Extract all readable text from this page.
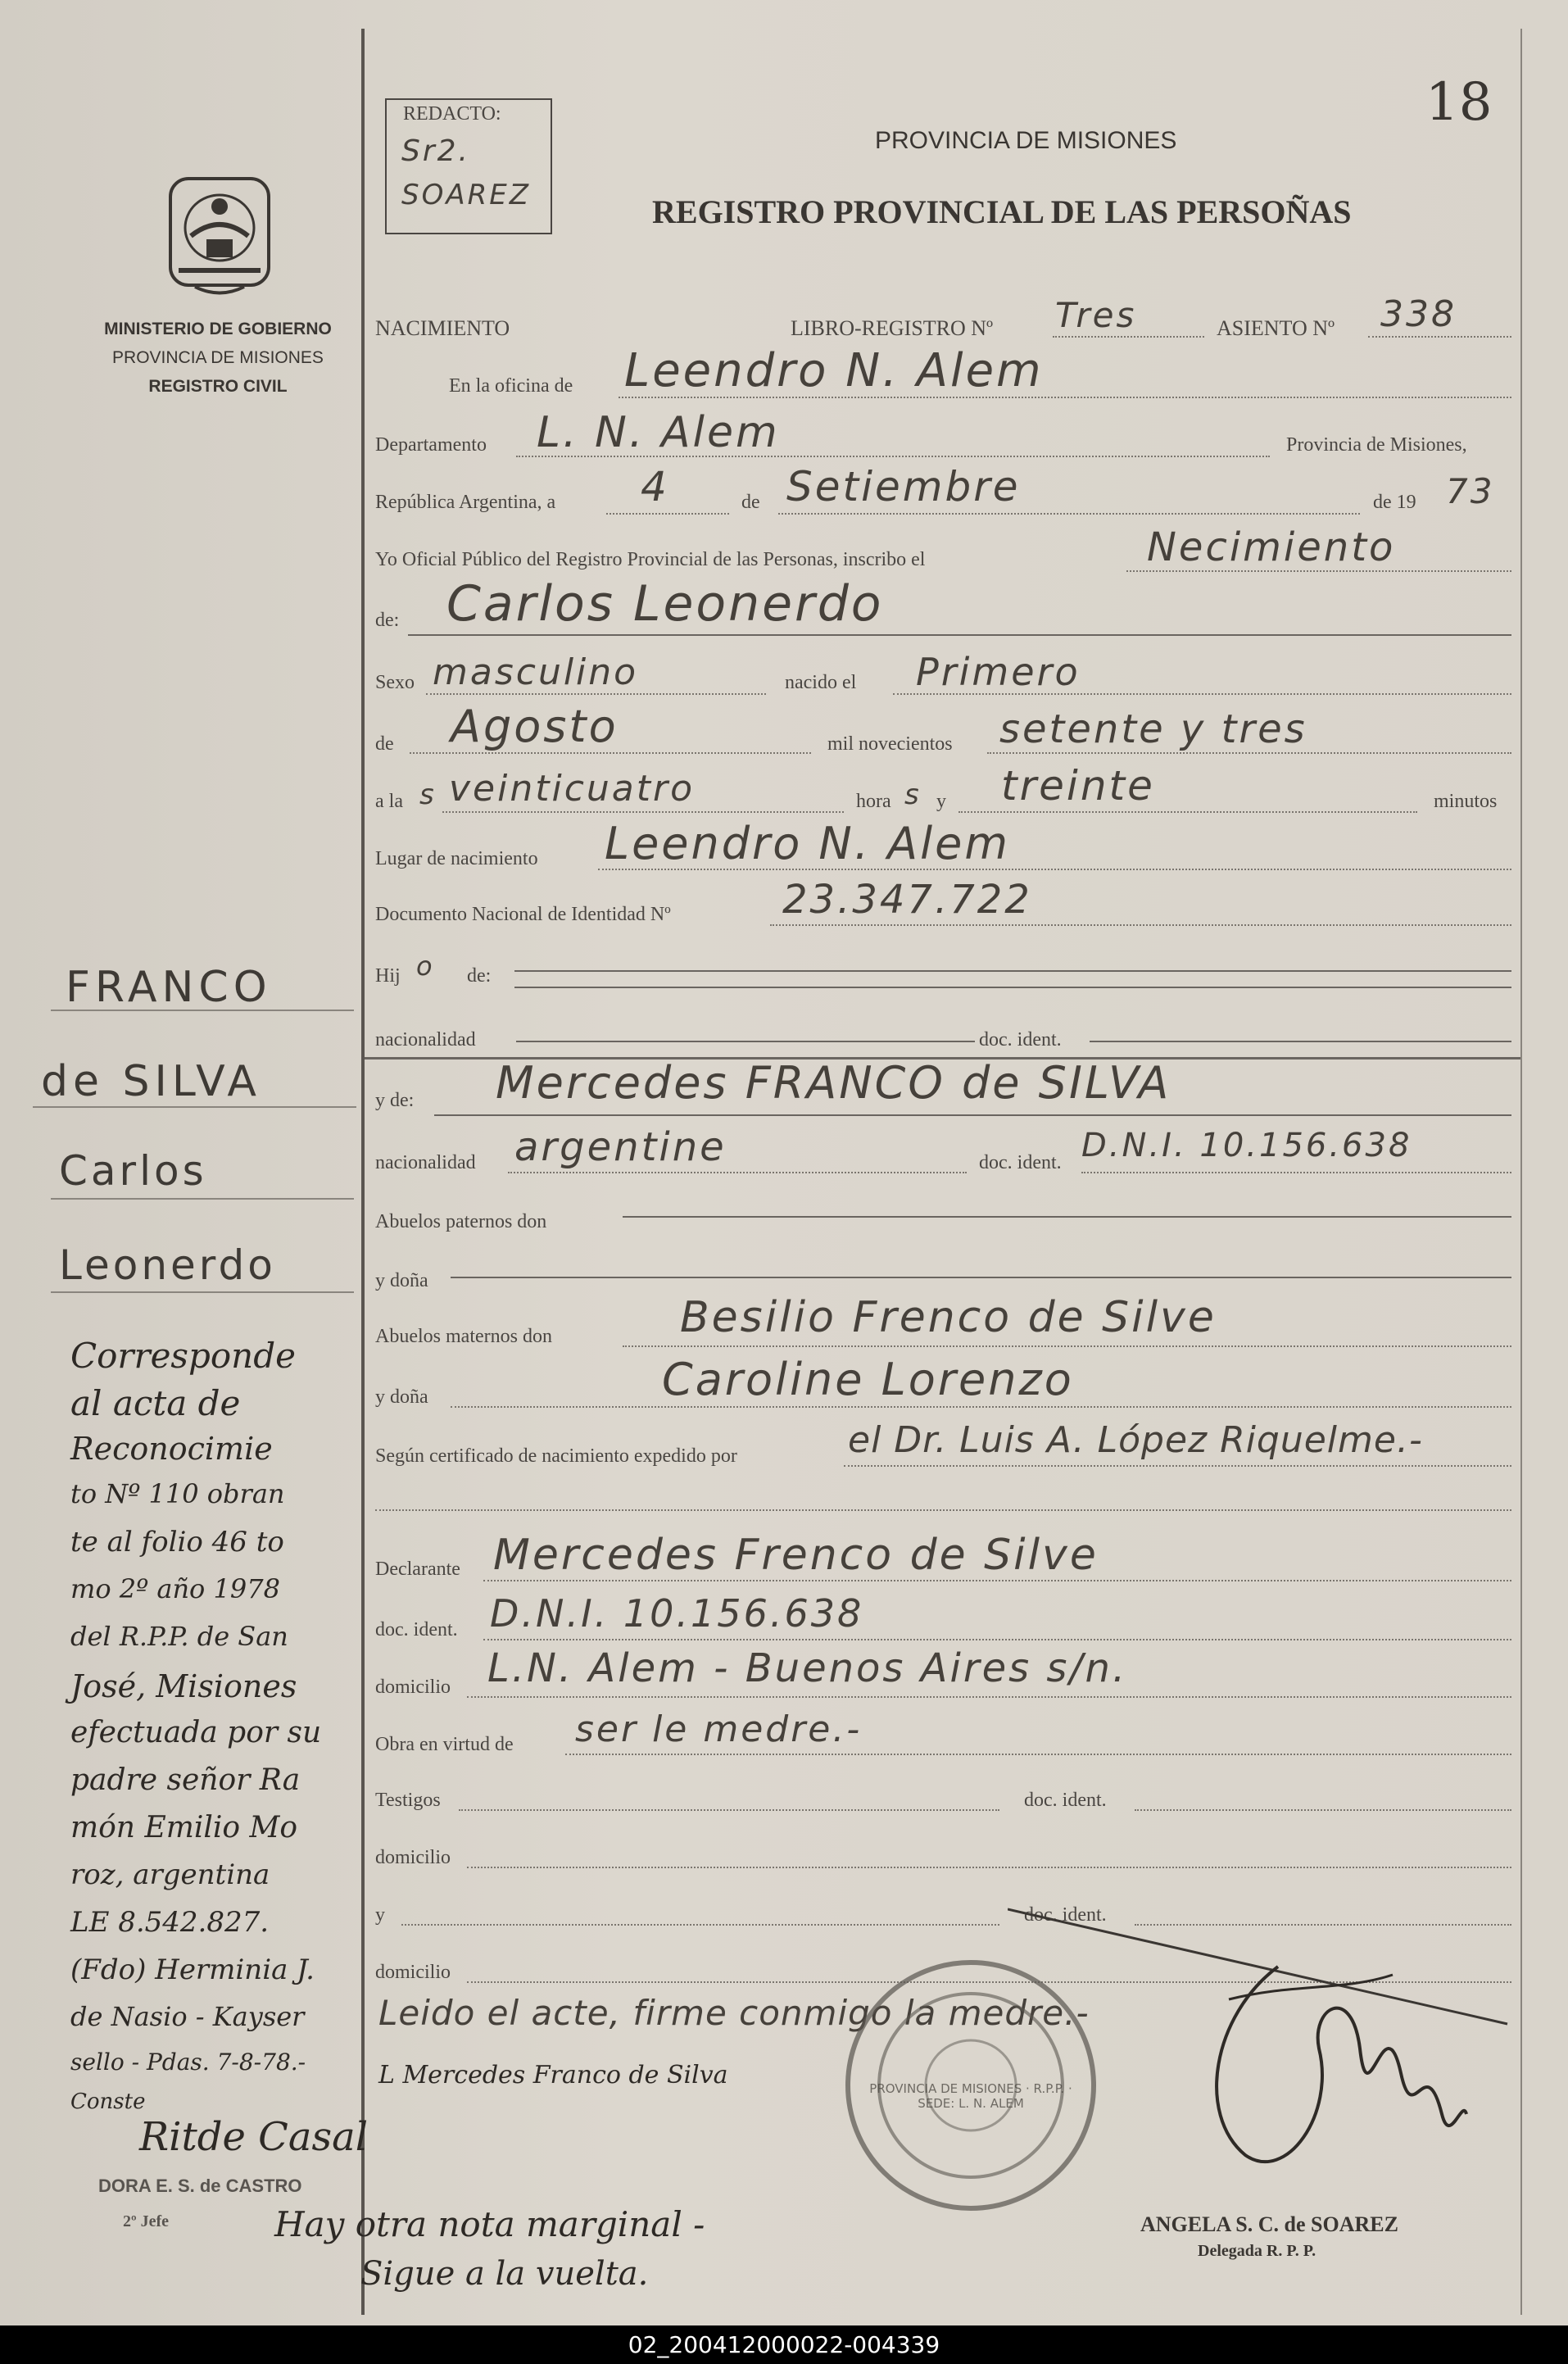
REDACTO:
Sr2.
SOAREZ
18
PROVINCIA DE MISIONES
REGISTRO PROVINCIAL DE LAS PERSOÑAS
MINISTERIO DE GOBIERNO
PROVINCIA DE MISIONES
REGISTRO CIVIL
NACIMIENTO	LIBRO-REGISTRO Nº Tres	ASIENTO Nº 338
En la oficina de Leendro N. Alem
Departamento L. N. Alem	Provincia de Misiones,
República Argentina, a 4	de Setiembre	de 19 73
Yo Oficial Público del Registro Provincial de las Personas, inscribo el	Necimiento
de: Carlos Leonerdo
Sexo masculino	nacido el Primero
de Agosto	mil novecientos setente y tres
a la s veinticuatro	hora s y treinte	minutos
Lugar de nacimiento Leendro N. Alem
Documento Nacional de Identidad Nº	23.347.722
Hij o de:
nacionalidad	doc. ident.
y de: Mercedes FRANCO de SILVA
nacionalidad argentine	doc. ident. D.N.I. 10.156.638
Abuelos paternos don
y doña
Abuelos maternos don	Besilio Frenco de Silve
y doña	Caroline Lorenzo
Según certificado de nacimiento expedido por	el Dr. Luis A. López Riquelme.-
Declarante Mercedes Frenco de Silve
doc. ident. D.N.I. 10.156.638
domicilio L.N. Alem - Buenos Aires s/n.
Obra en virtud de ser le medre.-
Testigos	doc. ident.
domicilio
y	doc. ident.
domicilio
Leido el acte, firme conmigo la medre.-
L Mercedes Franco de Silva	PROVINCIA DE MISIONES · R.P.P. · SEDE: L. N. ALEM
ANGELA S. C. de SOAREZ
Delegada R. P. P.
FRANCO
de SILVA
Carlos
Leonerdo
Corresponde
al acta de
Reconocimie
to Nº 110 obran
te al folio 46 to
mo 2º año 1978
del R.P.P. de San
José, Misiones
efectuada por su
padre señor Ra
món Emilio Mo
roz, argentina
LE 8.542.827.
(Fdo) Herminia J.
de Nasio - Kayser
sello - Pdas. 7-8-78.-
Conste
Ritde Casal
DORA E. S. de CASTRO
2º Jefe	Hay otra nota marginal -
Sigue a la vuelta.
02_200412000022-004339
